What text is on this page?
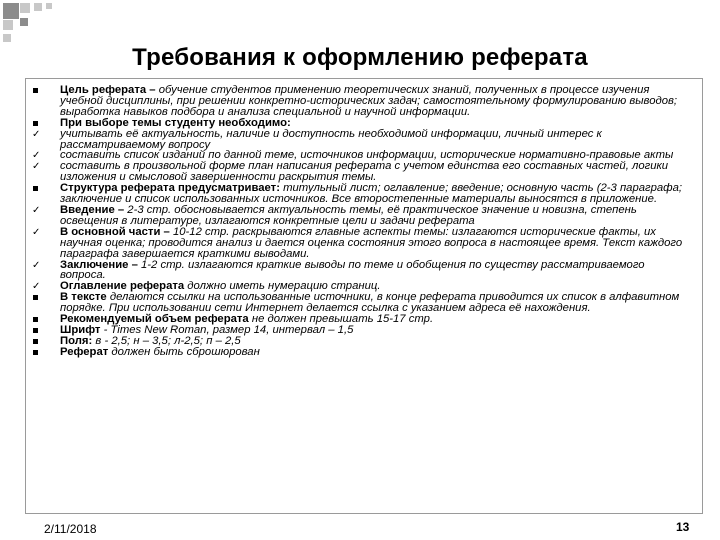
Требования к оформлению реферата

Цель реферата – обучение студентов применению теоретических знаний, полученных в процессе изучения учебной дисциплины, при решении конкретно-исторических задач; самостоятельному формулированию выводов; выработка навыков подбора и анализа специальной и научной информации.

При выборе темы студенту необходимо:

✓ учитывать её актуальность, наличие и доступность необходимой информации, личный интерес к рассматриваемому вопросу

✓ составить список изданий по данной теме, источников информации, исторические нормативно-правовые акты

✓ составить в произвольной форме план написания реферата с учетом единства его составных частей, логики изложения и смысловой завершенности раскрытия темы.

Структура реферата предусматривает: титульный лист; оглавление; введение; основную часть (2-3 параграфа; заключение и список использованных источников. Все второстепенные материалы выносятся в приложение.

✓ Введение – 2-3 стр. обосновывается актуальность темы, её практическое значение и новизна, степень освещения в литературе, излагаются конкретные цели и задачи реферата

✓ В основной части – 10-12 стр. раскрываются главные аспекты темы: излагаются исторические факты, их научная оценка; проводится анализ и дается оценка состояния этого вопроса в настоящее время. Текст каждого параграфа завершается краткими выводами.

✓ Заключение – 1-2 стр. излагаются краткие выводы по теме и обобщения по существу рассматриваемого вопроса.

✓ Оглавление реферата должно иметь нумерацию страниц.

В тексте делаются ссылки на использованные источники, в конце реферата приводится их список в алфавитном порядке. При использовании сети Интернет делается ссылка с указанием адреса её нахождения.

Рекомендуемый объем реферата не должен превышать 15-17 стр.

Шрифт - Times New Roman, размер 14, интервал – 1,5

Поля: в - 2,5; н – 3,5; л-2,5; п – 2,5

Реферат должен быть сброшюрован

2/11/2018	13
